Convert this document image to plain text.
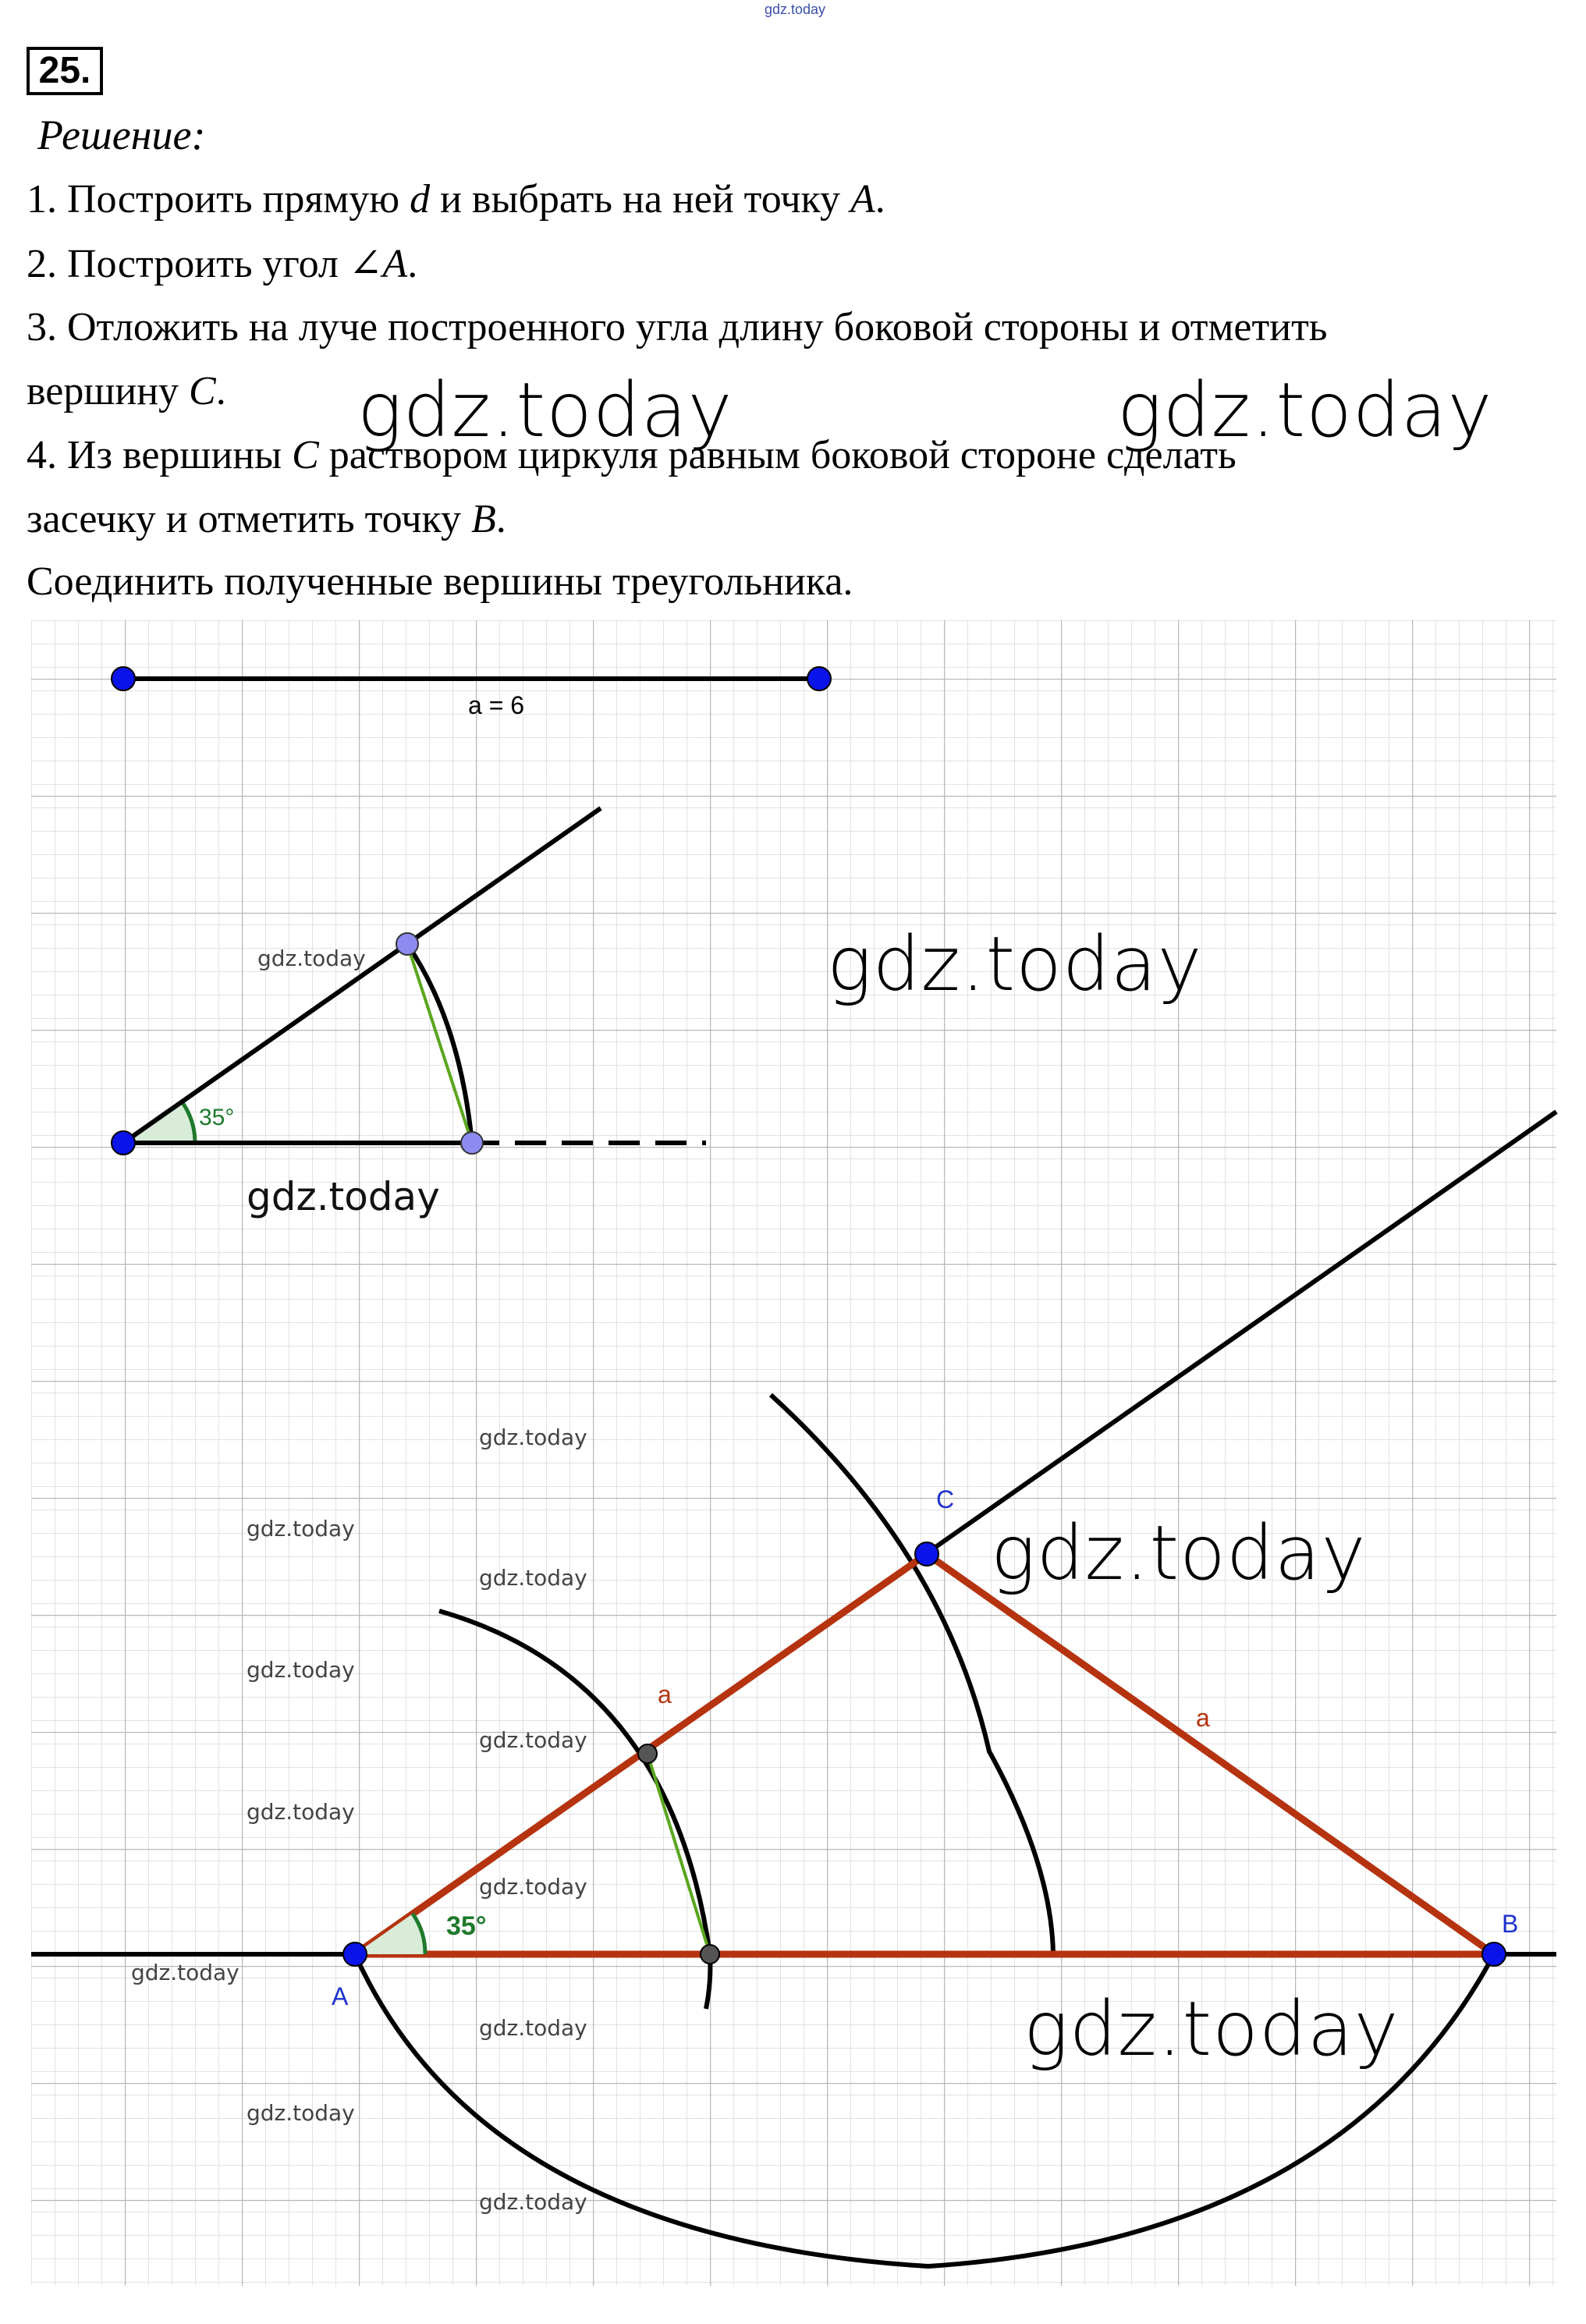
gdz.today
25.
Решение:
1. Построить прямую d и выбрать на ней точку A.
2. Построить угол ∠A.
3. Отложить на луче построенного угла длину боковой стороны и отметить
вершину C.
4. Из вершины C раствором циркуля равным боковой стороне сделать
засечку и отметить точку B.
Соединить полученные вершины треугольника.
a = 6
35°
35°
A
C
B
a
a
gdz.today	gdz.today
gdz.today
gdz.today
gdz.today
gdz.today
gdz.today
gdz.today
gdz.today
gdz.today
gdz.today
gdz.today
gdz.today
gdz.today
gdz.today
gdz.today
gdz.today
gdz.today
